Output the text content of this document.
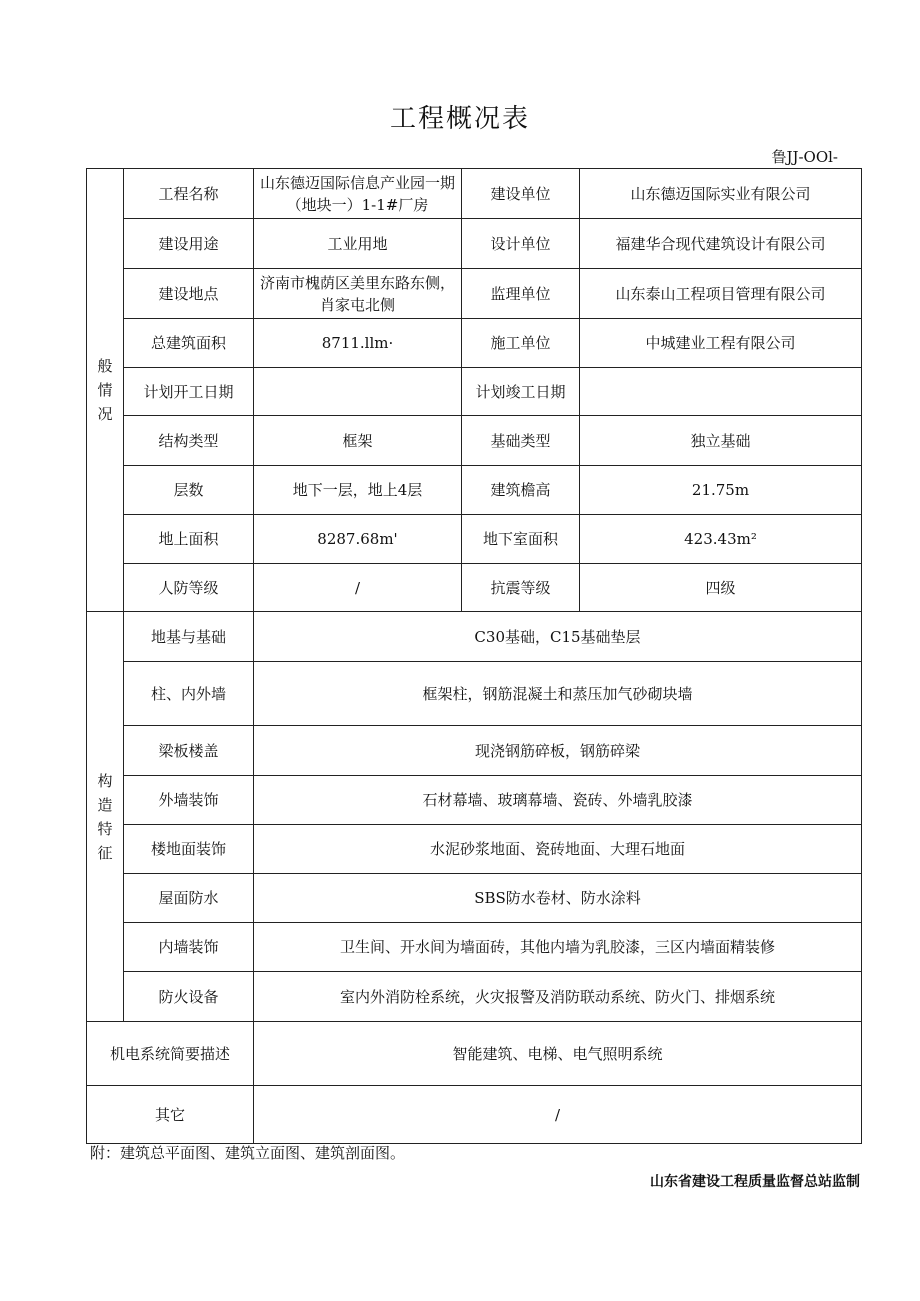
工程概况表
鲁JJ-OOl-
般
情
况	工程名称	山东德迈国际信息产业园一期（地块一）1-1#厂房	建设单位	山东德迈国际实业有限公司
	建设用途	工业用地	设计单位	福建华合现代建筑设计有限公司
	建设地点	济南市槐荫区美里东路东侧，肖家屯北侧	监理单位	山东泰山工程项目管理有限公司
	总建筑面积	8711.llm·	施工单位	中城建业工程有限公司
	计划开工日期		计划竣工日期	
	结构类型	框架	基础类型	独立基础
	层数	地下一层，地上4层	建筑檐高	21.75m
	地上面积	8287.68m'	地下室面积	423.43m²
	人防等级	/	抗震等级	四级

构
造
特
征	地基与基础	C30基础，C15基础垫层		
	柱、内外墙	框架柱，钢筋混凝土和蒸压加气砂砌块墙		
	梁板楼盖	现浇钢筋碎板，钢筋碎梁		
	外墙装饰	石材幕墙、玻璃幕墙、瓷砖、外墙乳胶漆		
	楼地面装饰	水泥砂浆地面、瓷砖地面、大理石地面		
	屋面防水	SBS防水卷材、防水涂料		
	内墙装饰	卫生间、开水间为墙面砖，其他内墙为乳胶漆，三区内墙面精装修		
	防火设备	室内外消防栓系统，火灾报警及消防联动系统、防火门、排烟系统		
机电系统简要描述		智能建筑、电梯、电气照明系统		
其它		/		
附：建筑总平面图、建筑立面图、建筑剖面图。
山东省建设工程质量监督总站监制
